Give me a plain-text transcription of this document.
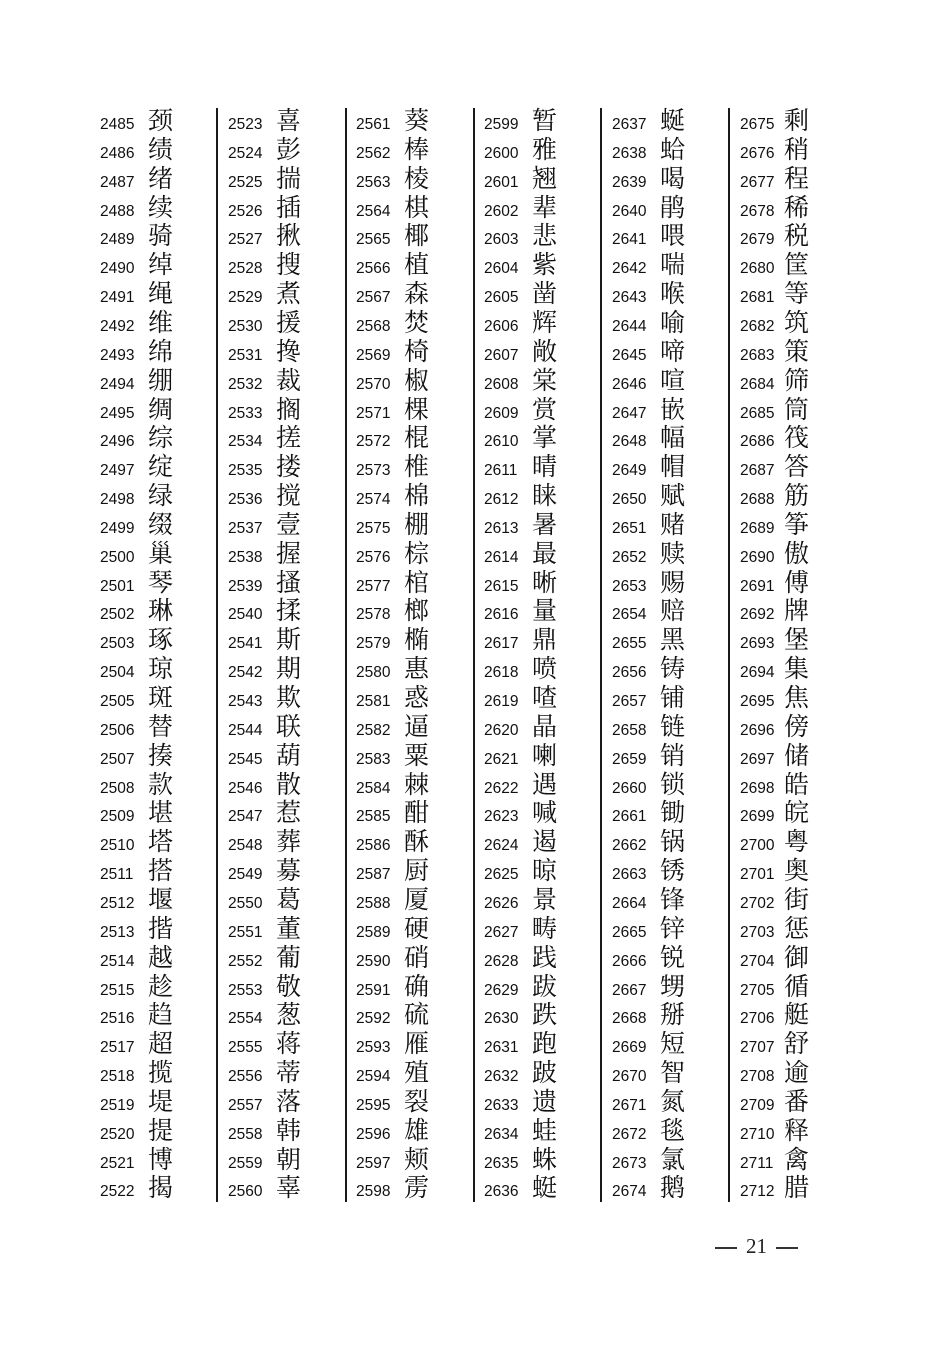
2485 颈
2486 绩
2487 绪
2488 续
2489 骑
2490 绰
2491 绳
2492 维
2493 绵
2494 绷
2495 绸
2496 综
2497 绽
2498 绿
2499 缀
2500 巢
2501 琴
2502 琳
2503 琢
2504 琼
2505 斑
2506 替
2507 揍
2508 款
2509 堪
2510 塔
2511 搭
2512 堰
2513 揩
2514 越
2515 趁
2516 趋
2517 超
2518 揽
2519 堤
2520 提
2521 博
2522 揭
2523 喜
2524 彭
2525 揣
2526 插
2527 揪
2528 搜
2529 煮
2530 援
2531 搀
2532 裁
2533 搁
2534 搓
2535 搂
2536 搅
2537 壹
2538 握
2539 搔
2540 揉
2541 斯
2542 期
2543 欺
2544 联
2545 葫
2546 散
2547 惹
2548 葬
2549 募
2550 葛
2551 董
2552 葡
2553 敬
2554 葱
2555 蒋
2556 蒂
2557 落
2558 韩
2559 朝
2560 辜
2561 葵
2562 棒
2563 棱
2564 棋
2565 椰
2566 植
2567 森
2568 焚
2569 椅
2570 椒
2571 棵
2572 棍
2573 椎
2574 棉
2575 棚
2576 棕
2577 棺
2578 榔
2579 椭
2580 惠
2581 惑
2582 逼
2583 粟
2584 棘
2585 酣
2586 酥
2587 厨
2588 厦
2589 硬
2590 硝
2591 确
2592 硫
2593 雁
2594 殖
2595 裂
2596 雄
2597 颊
2598 雳
2599 暂
2600 雅
2601 翘
2602 辈
2603 悲
2604 紫
2605 凿
2606 辉
2607 敞
2608 棠
2609 赏
2610 掌
2611 晴
2612 睐
2613 暑
2614 最
2615 晰
2616 量
2617 鼎
2618 喷
2619 喳
2620 晶
2621 喇
2622 遇
2623 喊
2624 遏
2625 晾
2626 景
2627 畴
2628 践
2629 跋
2630 跌
2631 跑
2632 跛
2633 遗
2634 蛙
2635 蛛
2636 蜓
2637 蜒
2638 蛤
2639 喝
2640 鹃
2641 喂
2642 喘
2643 喉
2644 喻
2645 啼
2646 喧
2647 嵌
2648 幅
2649 帽
2650 赋
2651 赌
2652 赎
2653 赐
2654 赔
2655 黑
2656 铸
2657 铺
2658 链
2659 销
2660 锁
2661 锄
2662 锅
2663 锈
2664 锋
2665 锌
2666 锐
2667 甥
2668 掰
2669 短
2670 智
2671 氮
2672 毯
2673 氯
2674 鹅
2675 剩
2676 稍
2677 程
2678 稀
2679 税
2680 筐
2681 等
2682 筑
2683 策
2684 筛
2685 筒
2686 筏
2687 答
2688 筋
2689 筝
2690 傲
2691 傅
2692 牌
2693 堡
2694 集
2695 焦
2696 傍
2697 储
2698 皓
2699 皖
2700 粤
2701 奥
2702 街
2703 惩
2704 御
2705 循
2706 艇
2707 舒
2708 逾
2709 番
2710 释
2711 禽
2712 腊
21
